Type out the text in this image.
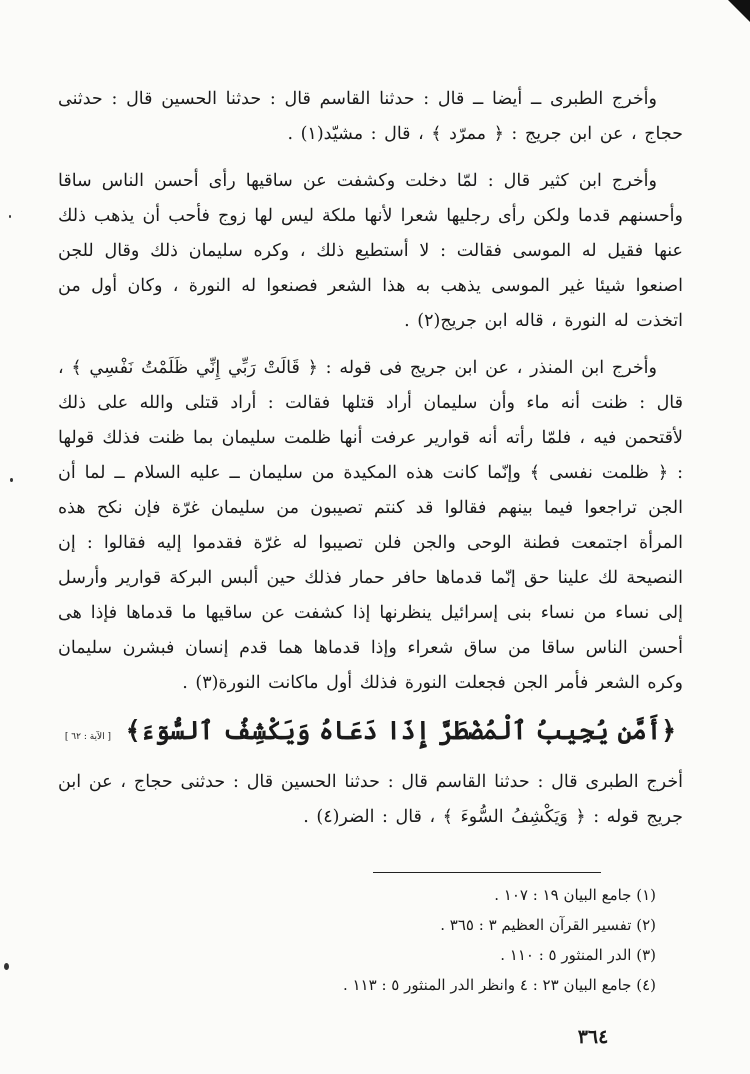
وأخرج الطبرى ــ أيضا ــ قال : حدثنا القاسم قال : حدثنا الحسين قال : حدثنى حجاج ، عن ابن جريج : ﴿ ممرّد ﴾ ، قال : مشيّد(١) .

وأخرج ابن كثير قال : لمّا دخلت وكشفت عن ساقيها رأى أحسن الناس ساقا وأحسنهم قدما ولكن رأى رجليها شعرا لأنها ملكة ليس لها زوج فأحب أن يذهب ذلك عنها فقيل له الموسى فقالت : لا أستطيع ذلك ، وكره سليمان ذلك وقال للجن اصنعوا شيئا غير الموسى يذهب به هذا الشعر فصنعوا له النورة ، وكان أول من اتخذت له النورة ، قاله ابن جريج(٢) .

وأخرج ابن المنذر ، عن ابن جريج فى قوله : ﴿ قَالَتْ رَبِّي إِنِّي ظَلَمْتُ نَفْسِي ﴾ ، قال : ظنت أنه ماء وأن سليمان أراد قتلها فقالت : أراد قتلى والله على ذلك لأقتحمن فيه ، فلمّا رأته أنه قوارير عرفت أنها ظلمت سليمان بما ظنت فذلك قولها : ﴿ ظلمت نفسى ﴾ وإنّما كانت هذه المكيدة من سليمان ــ عليه السلام ــ لما أن الجن تراجعوا فيما بينهم فقالوا قد كنتم تصيبون من سليمان غرّة فإن نكح هذه المرأة اجتمعت فطنة الوحى والجن فلن تصيبوا له غرّة فقدموا إليه فقالوا : إن النصيحة لك علينا حق إنّما قدماها حافر حمار فذلك حين ألبس البركة قوارير وأرسل إلى نساء من نساء بنى إسرائيل ينظرنها إذا كشفت عن ساقيها ما قدماها فإذا هى أحسن الناس ساقا من ساق شعراء وإذا قدماها هما قدم إنسان فبشرن سليمان وكره الشعر فأمر الجن فجعلت النورة فذلك أول ماكانت النورة(٣) .

﴿أَمَّن يُجِيبُ ٱلْمُضْطَرَّ إِذَا دَعَاهُ وَيَكْشِفُ ٱلسُّوٓءَ﴾ [ الآية : ٦٢ ]

أخرج الطبرى قال : حدثنا القاسم قال : حدثنا الحسين قال : حدثنى حجاج ، عن ابن جريج قوله : ﴿ وَيَكْشِفُ السُّوءَ ﴾ ، قال : الضر(٤) .

(١) جامع البيان ١٩ : ١٠٧ .
(٢) تفسير القرآن العظيم ٣ : ٣٦٥ .
(٣) الدر المنثور ٥ : ١١٠ .
(٤) جامع البيان ٢٣ : ٤ وانظر الدر المنثور ٥ : ١١٣ .
٣٦٤
